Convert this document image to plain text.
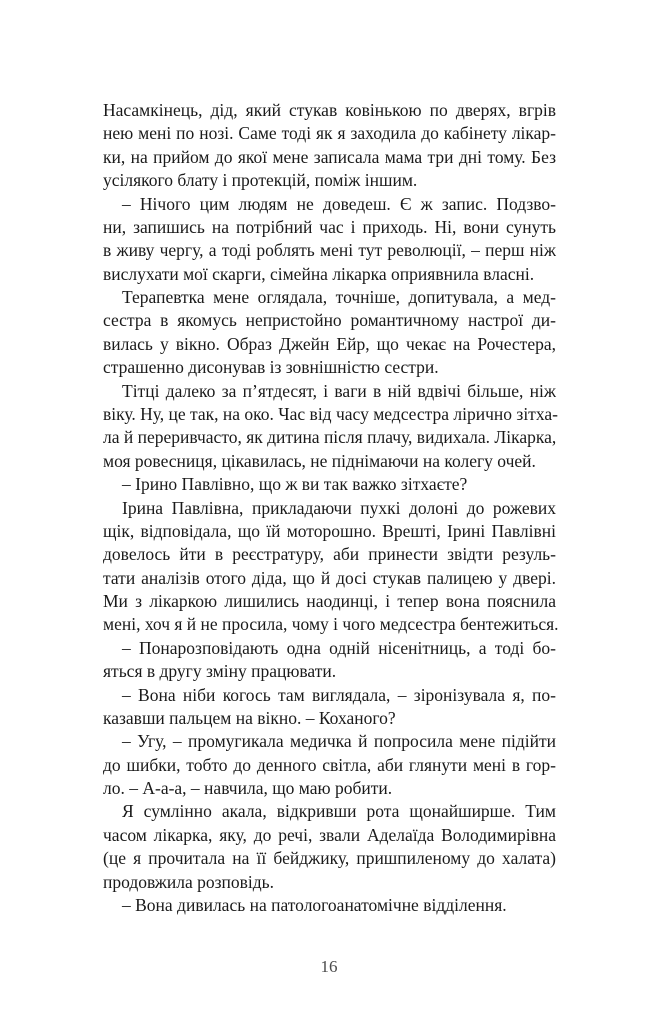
Насамкінець, дід, який стукав ковінькою по дверях, вгрів
нею мені по нозі. Саме тоді як я заходила до кабінету лікар-
ки, на прийом до якої мене записала мама три дні тому. Без
усілякого блату і протекцій, поміж іншим.
– Нічого цим людям не доведеш. Є ж запис. Подзво-
ни, запишись на потрібний час і приходь. Ні, вони сунуть
в живу чергу, а тоді роблять мені тут революції, – перш ніж
вислухати мої скарги, сімейна лікарка оприявнила власні.
Терапевтка мене оглядала, точніше, допитувала, а мед-
сестра в якомусь непристойно романтичному настрої ди-
вилась у вікно. Образ Джейн Ейр, що чекає на Рочестера,
страшенно дисонував із зовнішністю сестри.
Тітці далеко за п’ятдесят, і ваги в ній вдвічі більше, ніж
віку. Ну, це так, на око. Час від часу медсестра лірично зітха-
ла й переривчасто, як дитина після плачу, видихала. Лікарка,
моя ровесниця, цікавилась, не піднімаючи на колегу очей.
– Ірино Павлівно, що ж ви так важко зітхаєте?
Ірина Павлівна, прикладаючи пухкі долоні до рожевих
щік, відповідала, що їй моторошно. Врешті, Ірині Павлівні
довелось йти в реєстратуру, аби принести звідти резуль-
тати аналізів отого діда, що й досі стукав палицею у двері.
Ми з лікаркою лишились наодинці, і тепер вона пояснила
мені, хоч я й не просила, чому і чого медсестра бентежиться.
– Понарозповідають одна одній нісенітниць, а тоді бо-
яться в другу зміну працювати.
– Вона ніби когось там виглядала, – зіронізувала я, по-
казавши пальцем на вікно. – Коханого?
– Угу, – промугикала медичка й попросила мене підійти
до шибки, тобто до денного світла, аби глянути мені в гор-
ло. – А-а-а, – навчила, що маю робити.
Я сумлінно акала, відкривши рота щонайширше. Тим
часом лікарка, яку, до речі, звали Аделаїда Володимирівна
(це я прочитала на її бейджику, пришпиленому до халата)
продовжила розповідь.
– Вона дивилась на патологоанатомічне відділення.
16
